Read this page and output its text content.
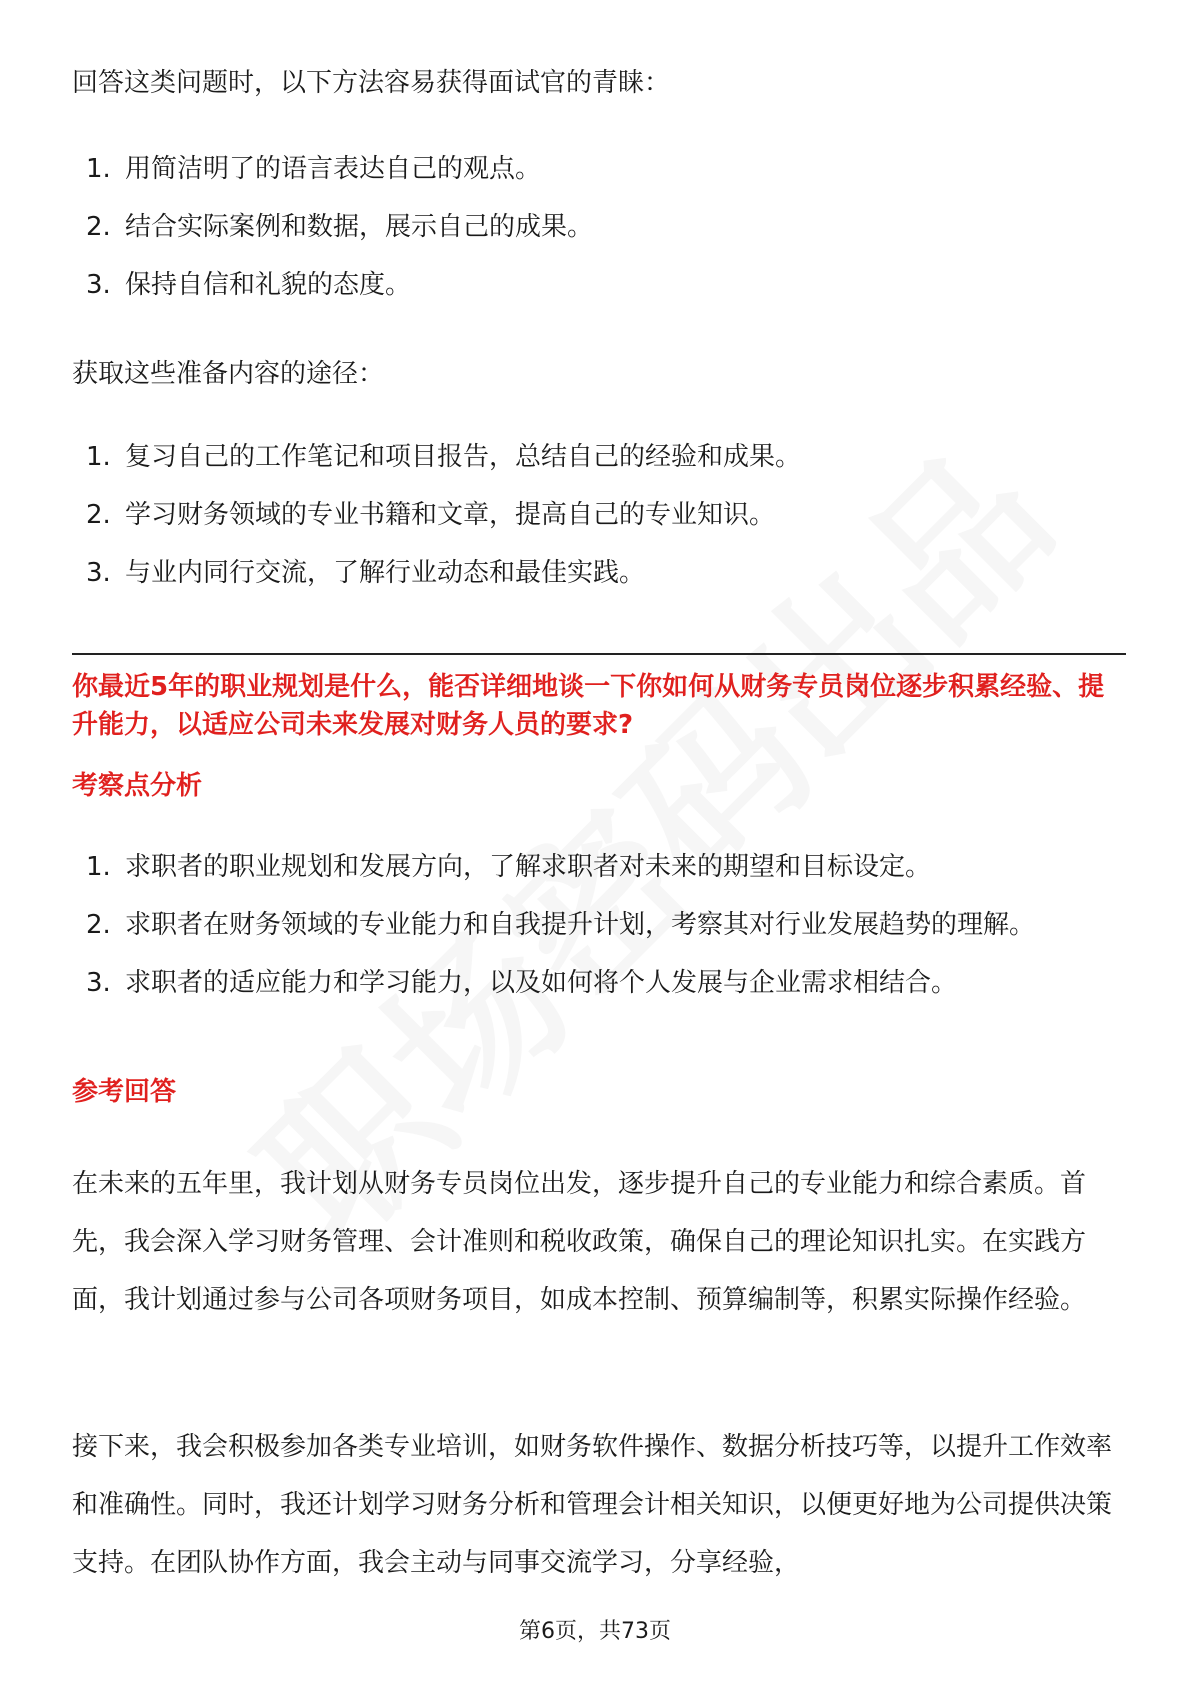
回答这类问题时，以下方法容易获得面试官的青睐：

1. 用简洁明了的语言表达自己的观点。
2. 结合实际案例和数据，展示自己的成果。
3. 保持自信和礼貌的态度。

获取这些准备内容的途径：

1. 复习自己的工作笔记和项目报告，总结自己的经验和成果。
2. 学习财务领域的专业书籍和文章，提高自己的专业知识。
3. 与业内同行交流，了解行业动态和最佳实践。

你最近5年的职业规划是什么，能否详细地谈一下你如何从财务专员岗位逐步积累经验、提升能力，以适应公司未来发展对财务人员的要求?

考察点分析

1. 求职者的职业规划和发展方向，了解求职者对未来的期望和目标设定。
2. 求职者在财务领域的专业能力和自我提升计划，考察其对行业发展趋势的理解。
3. 求职者的适应能力和学习能力，以及如何将个人发展与企业需求相结合。

参考回答

在未来的五年里，我计划从财务专员岗位出发，逐步提升自己的专业能力和综合素质。首先，我会深入学习财务管理、会计准则和税收政策，确保自己的理论知识扎实。在实践方面，我计划通过参与公司各项财务项目，如成本控制、预算编制等，积累实际操作经验。

接下来，我会积极参加各类专业培训，如财务软件操作、数据分析技巧等，以提升工作效率和准确性。同时，我还计划学习财务分析和管理会计相关知识，以便更好地为公司提供决策支持。在团队协作方面，我会主动与同事交流学习，分享经验，

第6页，共73页
